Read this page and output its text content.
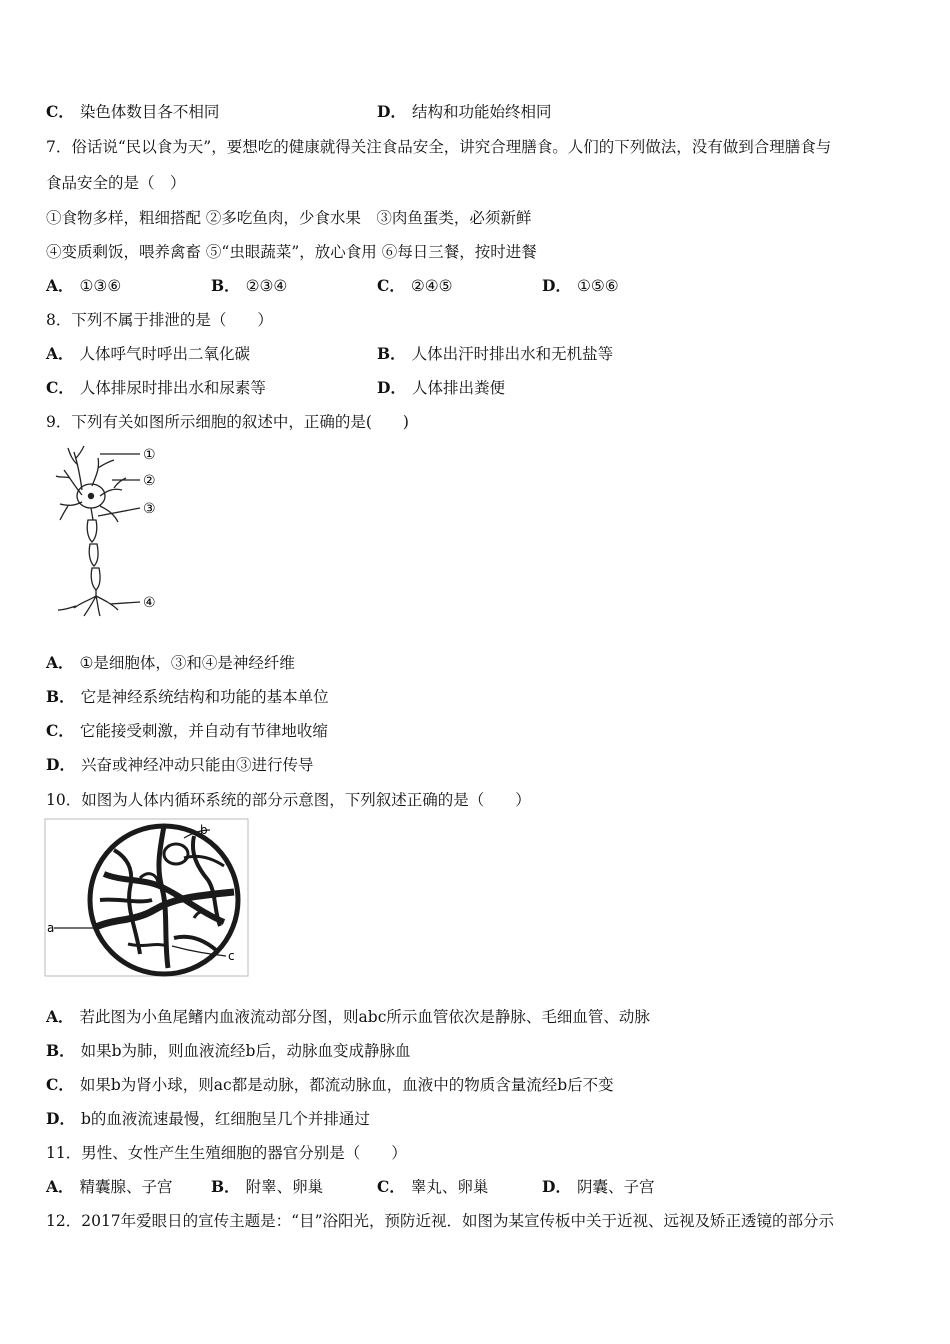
C． 染色体数目各不相同	D． 结构和功能始终相同
7．俗话说“民以食为天”，要想吃的健康就得关注食品安全，讲究合理膳食。人们的下列做法，没有做到合理膳食与
食品安全的是（　）
①食物多样，粗细搭配 ②多吃鱼肉，少食水果　③肉鱼蛋类，必须新鲜
④变质剩饭，喂养禽畜 ⑤“虫眼蔬菜”，放心食用 ⑥每日三餐，按时进餐
A． ①③⑥	B． ②③④	C． ②④⑤	D． ①⑤⑥
8．下列不属于排泄的是（　　）
A． 人体呼气时呼出二氧化碳	B． 人体出汗时排出水和无机盐等
C． 人体排尿时排出水和尿素等	D． 人体排出粪便
9．下列有关如图所示细胞的叙述中，正确的是(　　)
①
②
③
④
A． ①是细胞体，③和④是神经纤维
B． 它是神经系统结构和功能的基本单位
C． 它能接受刺激，并自动有节律地收缩
D． 兴奋或神经冲动只能由③进行传导
10．如图为人体内循环系统的部分示意图，下列叙述正确的是（　　）
a
b
c
A． 若此图为小鱼尾鳍内血液流动部分图，则abc所示血管依次是静脉、毛细血管、动脉
B． 如果b为肺，则血液流经b后，动脉血变成静脉血
C． 如果b为肾小球，则ac都是动脉，都流动脉血，血液中的物质含量流经b后不变
D． b的血液流速最慢，红细胞呈几个并排通过
11．男性、女性产生生殖细胞的器官分别是（　　）
A． 精囊腺、子宫 B． 附睾、卵巢	C． 睾丸、卵巢	D． 阴囊、子宫
12．2017年爱眼日的宣传主题是：“目”浴阳光，预防近视．如图为某宣传板中关于近视、远视及矫正透镜的部分示
